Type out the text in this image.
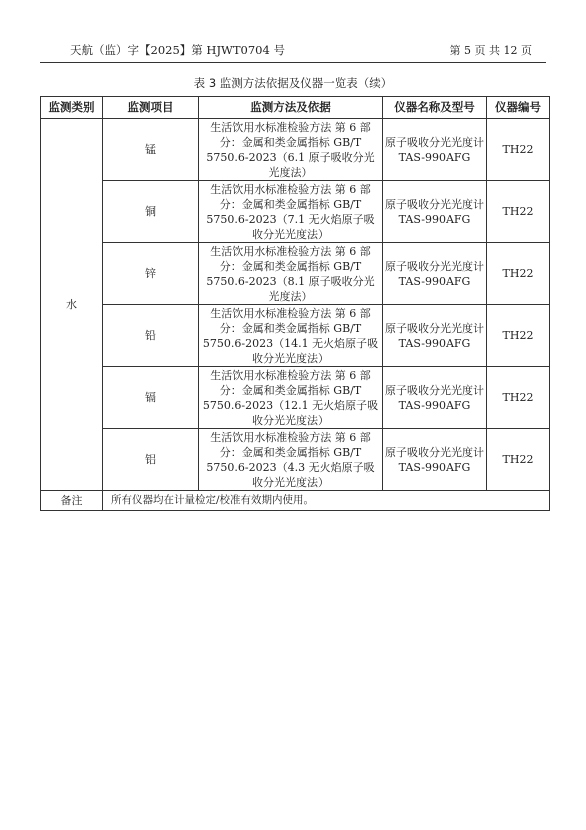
天航（监）字【2025】第 HJWT0704 号	第 5 页 共 12 页
表 3 监测方法依据及仪器一览表（续）
监测类别	监测项目	监测方法及依据	仪器名称及型号	仪器编号
水	锰	生活饮用水标准检验方法 第 6 部分：金属和类金属指标 GB/T 5750.6-2023（6.1 原子吸收分光光度法）	原子吸收分光光度计 TAS-990AFG	TH22
	铜	生活饮用水标准检验方法 第 6 部分：金属和类金属指标 GB/T 5750.6-2023（7.1 无火焰原子吸收分光光度法）	原子吸收分光光度计 TAS-990AFG	TH22
	锌	生活饮用水标准检验方法 第 6 部分：金属和类金属指标 GB/T 5750.6-2023（8.1 原子吸收分光光度法）	原子吸收分光光度计 TAS-990AFG	TH22
	铅	生活饮用水标准检验方法 第 6 部分：金属和类金属指标 GB/T 5750.6-2023（14.1 无火焰原子吸收分光光度法）	原子吸收分光光度计 TAS-990AFG	TH22
	镉	生活饮用水标准检验方法 第 6 部分：金属和类金属指标 GB/T 5750.6-2023（12.1 无火焰原子吸收分光光度法）	原子吸收分光光度计 TAS-990AFG	TH22
	铝	生活饮用水标准检验方法 第 6 部分：金属和类金属指标 GB/T 5750.6-2023（4.3 无火焰原子吸收分光光度法）	原子吸收分光光度计 TAS-990AFG	TH22
备注	所有仪器均在计量检定/校准有效期内使用。			
